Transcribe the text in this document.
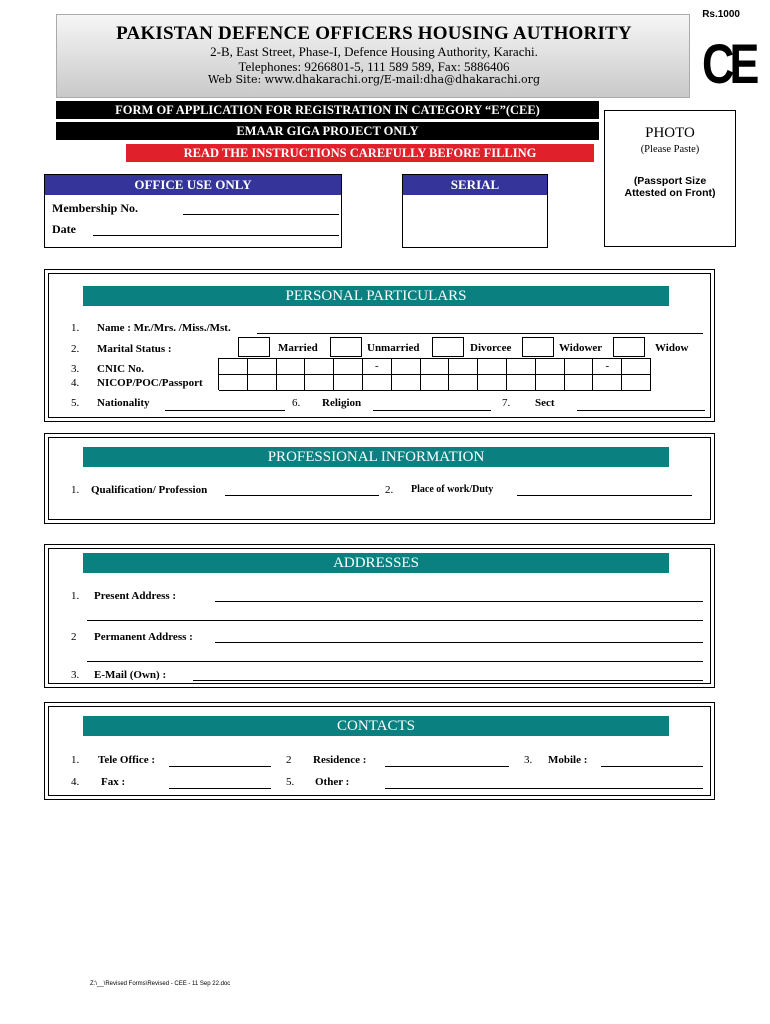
PAKISTAN DEFENCE OFFICERS HOUSING AUTHORITY
2-B, East Street, Phase-I, Defence Housing Authority, Karachi.
Telephones: 9266801-5, 111 589 589, Fax: 5886406
Web Site: www.dhakarachi.org/E-mail:dha@dhakarachi.org
Rs.1000
CE
FORM OF APPLICATION FOR REGISTRATION IN CATEGORY “E”(CEE)
EMAAR GIGA PROJECT ONLY
READ THE INSTRUCTIONS CAREFULLY BEFORE FILLING
PHOTO
(Please Paste)
(Passport Size
Attested on Front)
OFFICE USE ONLY
Membership No.
Date
SERIAL
PERSONAL PARTICULARS
1. Name : Mr./Mrs. /Miss./Mst.
2. Marital Status :	Married	Unmarried	Divorcee	Widower	Widow
3. CNIC No.
4. NICOP/POC/Passport
-	-
5. Nationality	6. Religion	7. Sect
PROFESSIONAL INFORMATION
1. Qualification/ Profession	2. Place of work/Duty
ADDRESSES
1. Present Address :
2 Permanent Address :
3. E-Mail (Own) :
CONTACTS
1. Tele Office :	2 Residence :	3. Mobile :
4. Fax :	5. Other :
Z:\__\Revised Forms\Revised - CEE - 11 Sep 22.doc
